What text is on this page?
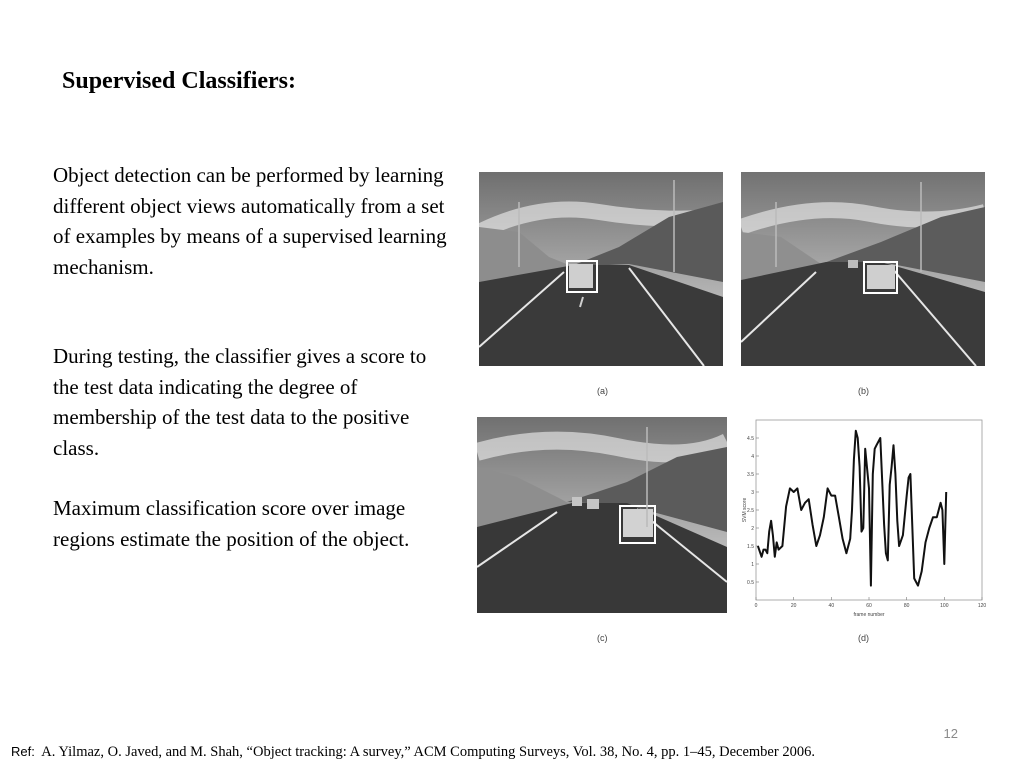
Supervised Classifiers:

Object detection can be performed by learning different object views automatically from a set of examples by means of a supervised learning mechanism.

During testing, the classifier gives a score to the test data indicating the degree of membership of the test data to the positive class.

Maximum classification score over image regions estimate the position of the object.

0.5
1
1.5
2
2.5
3
3.5
4
4.5
0	20	40	60	80	100	120
SVM score
frame number
(a)	(b)
(c)	(d)
12
Ref: A. Yilmaz, O. Javed, and M. Shah, “Object tracking: A survey,” ACM Computing Surveys, Vol. 38, No. 4, pp. 1–45, December 2006.
